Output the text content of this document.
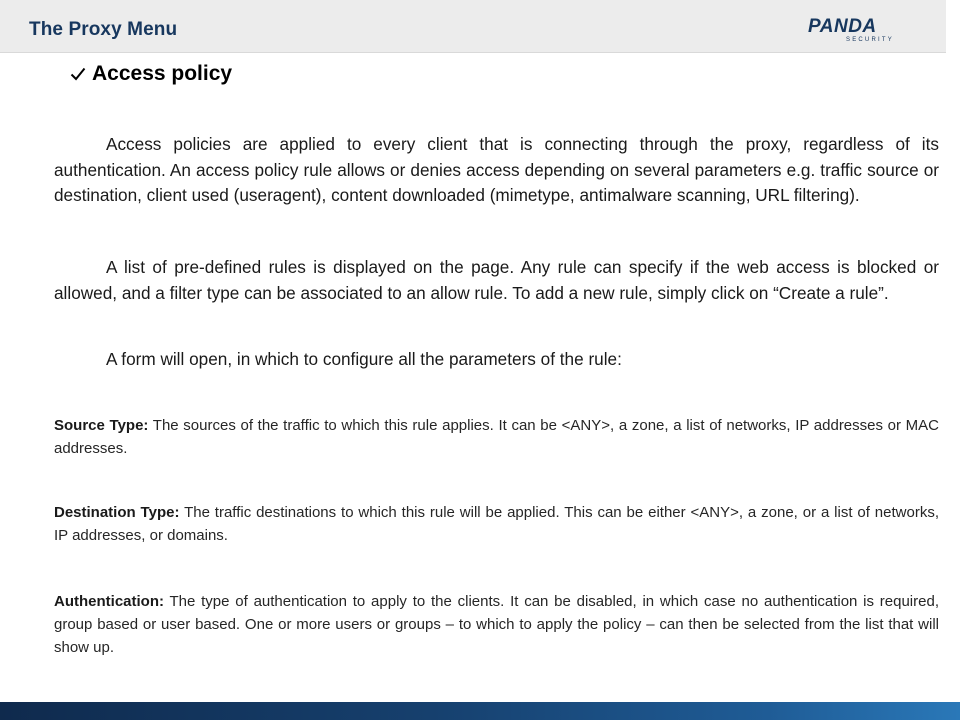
The Proxy Menu	PANDA
SECURITY
Access policy

Access policies are applied to every client that is connecting through the proxy, regardless of its authentication. An access policy rule allows or denies access depending on several parameters e.g. traffic source or destination, client used (useragent), content downloaded (mimetype, antimalware scanning, URL filtering).

A list of pre-defined rules is displayed on the page. Any rule can specify if the web access is blocked or allowed, and a filter type can be associated to an allow rule. To add a new rule, simply click on “Create a rule”.

A form will open, in which to configure all the parameters of the rule:

Source Type: The sources of the traffic to which this rule applies. It can be <ANY>, a zone, a list of networks, IP addresses or MAC addresses.

Destination Type: The traffic destinations to which this rule will be applied. This can be either <ANY>, a zone, or a list of networks, IP addresses, or domains.

Authentication: The type of authentication to apply to the clients. It can be disabled, in which case no authentication is required, group based or user based. One or more users or groups – to which to apply the policy – can then be selected from the list that will show up.
